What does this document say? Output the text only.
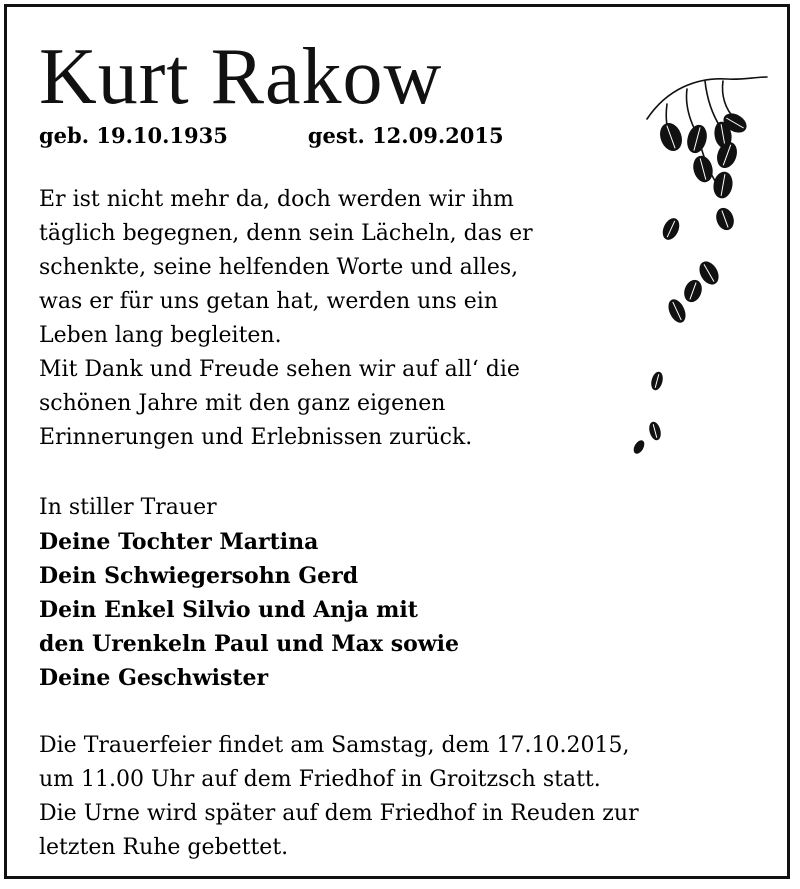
Kurt Rakow
geb. 19.10.1935	gest. 12.09.2015
Er ist nicht mehr da, doch werden wir ihm
täglich begegnen, denn sein Lächeln, das er
schenkte, seine helfenden Worte und alles,
was er für uns getan hat, werden uns ein
Leben lang begleiten.
Mit Dank und Freude sehen wir auf all‘ die
schönen Jahre mit den ganz eigenen
Erinnerungen und Erlebnissen zurück.
In stiller Trauer
Deine Tochter Martina
Dein Schwiegersohn Gerd
Dein Enkel Silvio und Anja mit
den Urenkeln Paul und Max sowie
Deine Geschwister
Die Trauerfeier findet am Samstag, dem 17.10.2015,
um 11.00 Uhr auf dem Friedhof in Groitzsch statt.
Die Urne wird später auf dem Friedhof in Reuden zur
letzten Ruhe gebettet.
